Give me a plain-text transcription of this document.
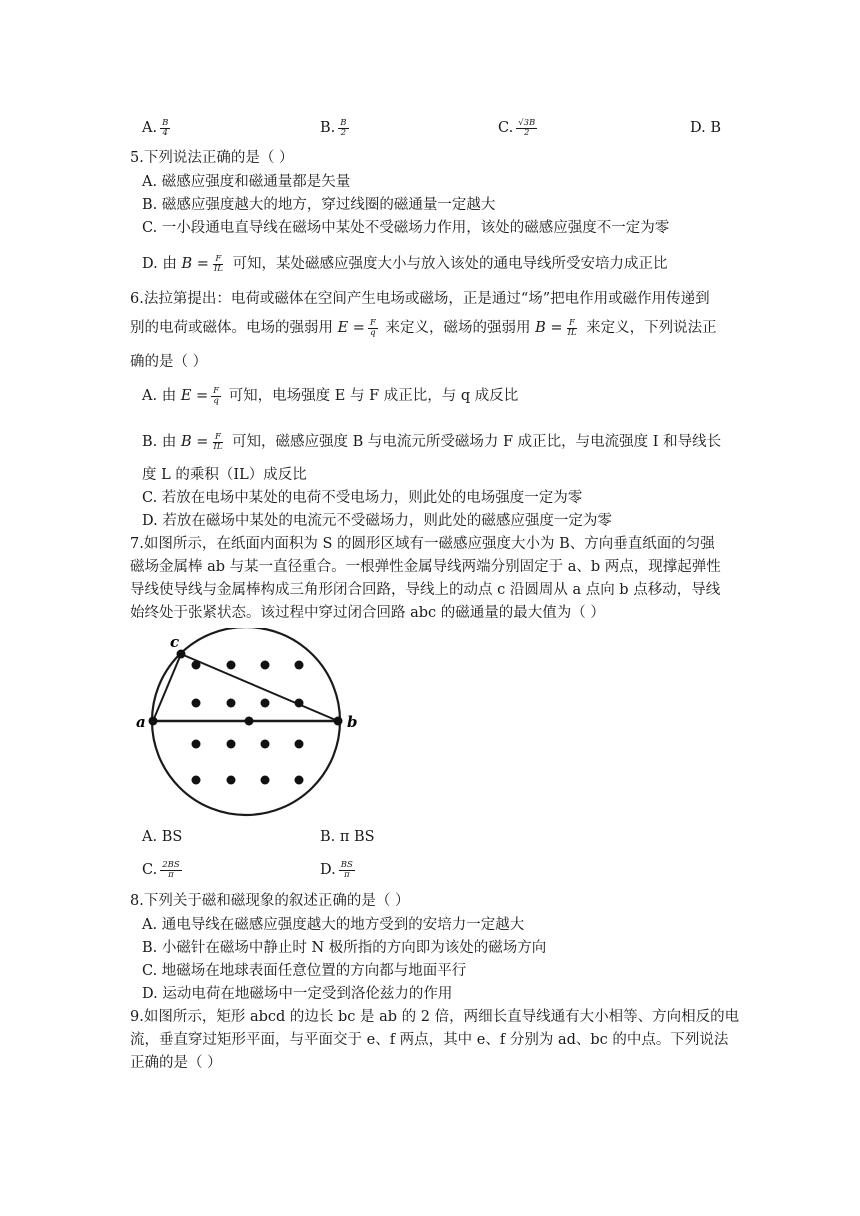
A. $\frac{B}{4}$	B. $\frac{B}{2}$	C. $\frac{√3B}{2}$	D. B
5.下列说法正确的是（ ）
A. 磁感应强度和磁通量都是矢量
B. 磁感应强度越大的地方，穿过线圈的磁通量一定越大
C. 一小段通电直导线在磁场中某处不受磁场力作用，该处的磁感应强度不一定为零
D. 由 $B = \frac{F}{IL}$ 可知，某处磁感应强度大小与放入该处的通电导线所受安培力成正比
6.法拉第提出：电荷或磁体在空间产生电场或磁场，正是通过“场”把电作用或磁作用传递到
别的电荷或磁体。电场的强弱用 $E = \frac{F}{q}$ 来定义，磁场的强弱用 $B = \frac{F}{IL}$ 来定义，下列说法正
确的是（ ）
A. 由 $E = \frac{F}{q}$ 可知，电场强度 E 与 F 成正比，与 q 成反比
B. 由 $B = \frac{F}{IL}$ 可知，磁感应强度 B 与电流元所受磁场力 F 成正比，与电流强度 I 和导线长
度 L 的乘积（IL）成反比
C. 若放在电场中某处的电荷不受电场力，则此处的电场强度一定为零
D. 若放在磁场中某处的电流元不受磁场力，则此处的磁感应强度一定为零
7.如图所示，在纸面内面积为 S 的圆形区域有一磁感应强度大小为 B、方向垂直纸面的匀强
磁场金属棒 ab 与某一直径重合。一根弹性金属导线两端分别固定于 a、b 两点，现撑起弹性
导线使导线与金属棒构成三角形闭合回路，导线上的动点 c 沿圆周从 a 点向 b 点移动，导线
始终处于张紧状态。该过程中穿过闭合回路 abc 的磁通量的最大值为（ ）
a	b
c
A. BS	B. π BS
C. $\frac{2BS}{\pi}$	D. $\frac{BS}{\pi}$
8.下列关于磁和磁现象的叙述正确的是（ ）
A. 通电导线在磁感应强度越大的地方受到的安培力一定越大
B. 小磁针在磁场中静止时 N 极所指的方向即为该处的磁场方向
C. 地磁场在地球表面任意位置的方向都与地面平行
D. 运动电荷在地磁场中一定受到洛伦兹力的作用
9.如图所示，矩形 abcd 的边长 bc 是 ab 的 2 倍，两细长直导线通有大小相等、方向相反的电
流，垂直穿过矩形平面，与平面交于 e、f 两点，其中 e、f 分别为 ad、bc 的中点。下列说法
正确的是（ ）
